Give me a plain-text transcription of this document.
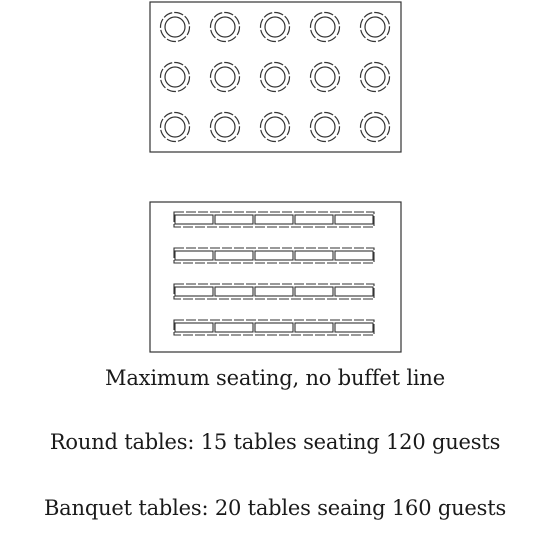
Maximum seating, no buffet line
Round tables: 15 tables seating 120 guests
Banquet tables: 20 tables seaing 160 guests
